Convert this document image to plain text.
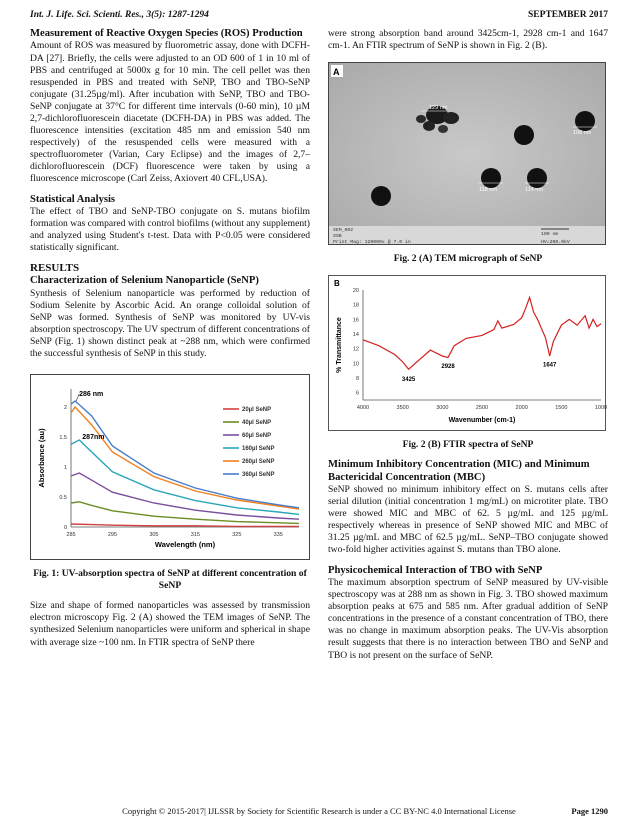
Int. J. Life. Sci. Scienti. Res., 3(5): 1287-1294	SEPTEMBER 2017
Measurement of Reactive Oxygen Species (ROS) Production

Amount of ROS was measured by fluorometric assay, done with DCFH-DA [27]. Briefly, the cells were adjusted to an OD 600 of 1 in 10 ml of PBS and centrifuged at 5000x g for 10 min. The cell pellet was then resuspended in PBS and treated with SeNP, TBO and TBO-SeNP conjugate (31.25µg/ml). After incubation with SeNP, TBO and TBO-SeNP conjugate at 37°C for different time intervals (0-60 min), 10 µM 2,7-dichlorofluorescein diacetate (DCFH-DA) in PBS was added. The fluorescence intensities (excitation 485 nm and emission 540 nm respectively) of the resuspended cells were measured with a spectrofluorometer (Varian, Cary Eclipse) and the images of 2,7–dichlorofluorescein (DCF) fluorescence were taken by using a fluorescence microscope (Carl Zeiss, Axiovert 40 CFL,USA).

Statistical Analysis

The effect of TBO and SeNP-TBO conjugate on S. mutans biofilm formation was compared with control biofilms (without any supplement) and analyzed using Student's t-test. Data with P<0.05 were considered statistically significant.

RESULTS
Characterization of Selenium Nanoparticle (SeNP)

Synthesis of Selenium nanoparticle was performed by reduction of Sodium Selenite by Ascorbic Acid. An orange colloidal solution of SeNP was formed. Synthesis of SeNP was monitored by UV-vis absorption spectroscopy. The UV spectrum of different concentrations of SeNP (Fig. 1) shown distinct peak at ~288 nm, which were confirmed the successful synthesis of SeNP in this study.

285	295	305	315	325	335
0
0.5
1
1.5
2
Wavelength (nm)
Absorbance (au)
20µl SeNP
40µl SeNP
60µl SeNP
160µl SeNP
260µl SeNP
360µl SeNP
286 nm
287nm
Fig. 1: UV-absorption spectra of SeNP at different concentration of SeNP

Size and shape of formed nanoparticles was assessed by transmission electron microscopy Fig. 2 (A) showed the TEM images of SeNP. The synthesized Selenium nanoparticles were uniform and spherical in shape with average size ~100 nm. In FTIR spectra of SeNP there

were strong absorption band around 3425cm-1, 2928 cm-1 and 1647 cm-1. An FTIR spectrum of SeNP is shown in Fig. 2 (B).

A
129 nm
108 nm
118 nm	114 nm
SEM_002
SSB
Print Mag: 120000x @ 7.0 in
100 nm
HV=200.0kV
Fig. 2 (A) TEM micrograph of SeNP
B
4000	3500	3000	2500	2000	1500	1000
6
8
10
12
14
16
18
20
Wavenumber (cm-1)
% Transmittance
3425
2928	1647
Fig. 2 (B) FTIR spectra of SeNP
Minimum Inhibitory Concentration (MIC) and Minimum Bactericidal Concentration (MBC)

SeNP showed no minimum inhibitory effect on S. mutans cells after serial dilution (initial concentration 1 mg/mL) on microtiter plate. TBO were showed MIC and MBC of 62. 5 µg/mL and 125 µg/mL respectively whereas in presence of SeNP showed MIC and MBC of 31.25 µg/mL and MBC of 62.5 µg/mL. SeNP–TBO conjugate showed two-fold higher activities against S. mutans than TBO alone.

Physicochemical Interaction of TBO with SeNP

The maximum absorption spectrum of SeNP measured by UV-visible spectroscopy was at 288 nm as shown in Fig. 3. TBO showed maximum absorption peaks at 675 and 585 nm. After gradual addition of SeNP concentrations in the presence of a constant concentration of TBO, there was no change in maximum absorption peaks. The UV-Vis absorption result suggests that there is no interaction between TBO and SeNP and TBO is not present on the surface of SeNP.

Copyright © 2015-2017| IJLSSR by Society for Scientific Research is under a CC BY-NC 4.0 International License	Page 1290
